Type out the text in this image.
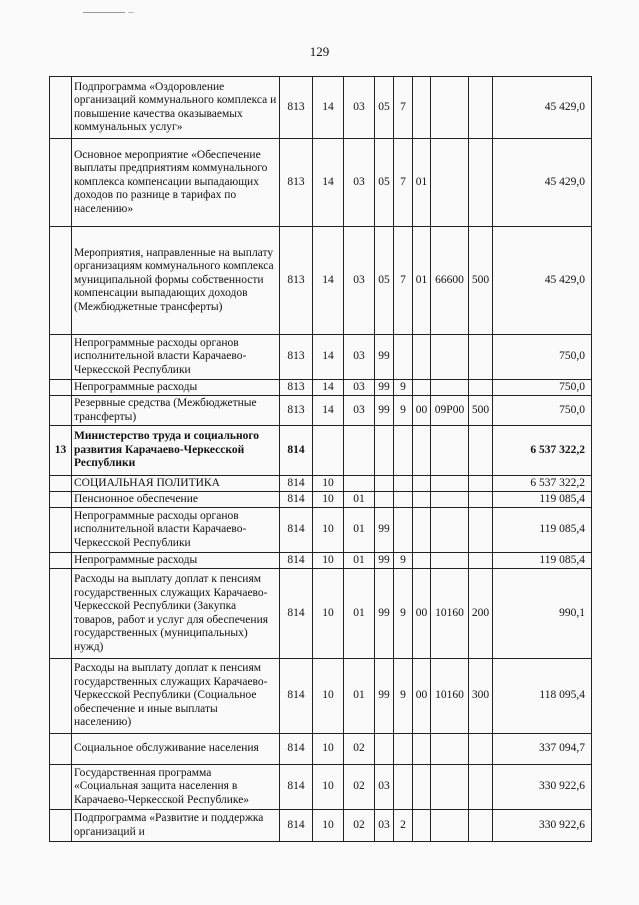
129
	Подпрограмма «Оздоровление организаций коммунального комплекса и повышение качества оказываемых коммунальных услуг»	813	14	03	05	7				45 429,0
	Основное мероприятие «Обеспечение выплаты предприятиям коммунального комплекса компенсации выпадающих доходов по разнице в тарифах по населению»	813	14	03	05	7	01			45 429,0
	Мероприятия, направленные на выплату организациям коммунального комплекса муниципальной формы собственности компенсации выпадающих доходов (Межбюджетные трансферты)	813	14	03	05	7	01	66600	500	45 429,0
	Непрограммные расходы органов исполнительной власти Карачаево-Черкесской Республики	813	14	03	99					750,0
	Непрограммные расходы	813	14	03	99	9				750,0
	Резервные средства (Межбюджетные трансферты)	813	14	03	99	9	00	09Р00	500	750,0
13	Министерство труда и социального развития Карачаево-Черкесской Республики	814								6 537 322,2
	СОЦИАЛЬНАЯ ПОЛИТИКА	814	10							6 537 322,2
	Пенсионное обеспечение	814	10	01						119 085,4
	Непрограммные расходы органов исполнительной власти Карачаево-Черкесской Республики	814	10	01	99					119 085,4
	Непрограммные расходы	814	10	01	99	9				119 085,4
	Расходы на выплату доплат к пенсиям государственных служащих Карачаево-Черкесской Республики (Закупка товаров, работ и услуг для обеспечения государственных (муниципальных) нужд)	814	10	01	99	9	00	10160	200	990,1
	Расходы на выплату доплат к пенсиям государственных служащих Карачаево-Черкесской Республики (Социальное обеспечение и иные выплаты населению)	814	10	01	99	9	00	10160	300	118 095,4
	Социальное обслуживание населения	814	10	02						337 094,7
	Государственная программа «Социальная защита населения в Карачаево-Черкесской Республике»	814	10	02	03					330 922,6
	Подпрограмма «Развитие и поддержка организаций и	814	10	02	03	2				330 922,6
